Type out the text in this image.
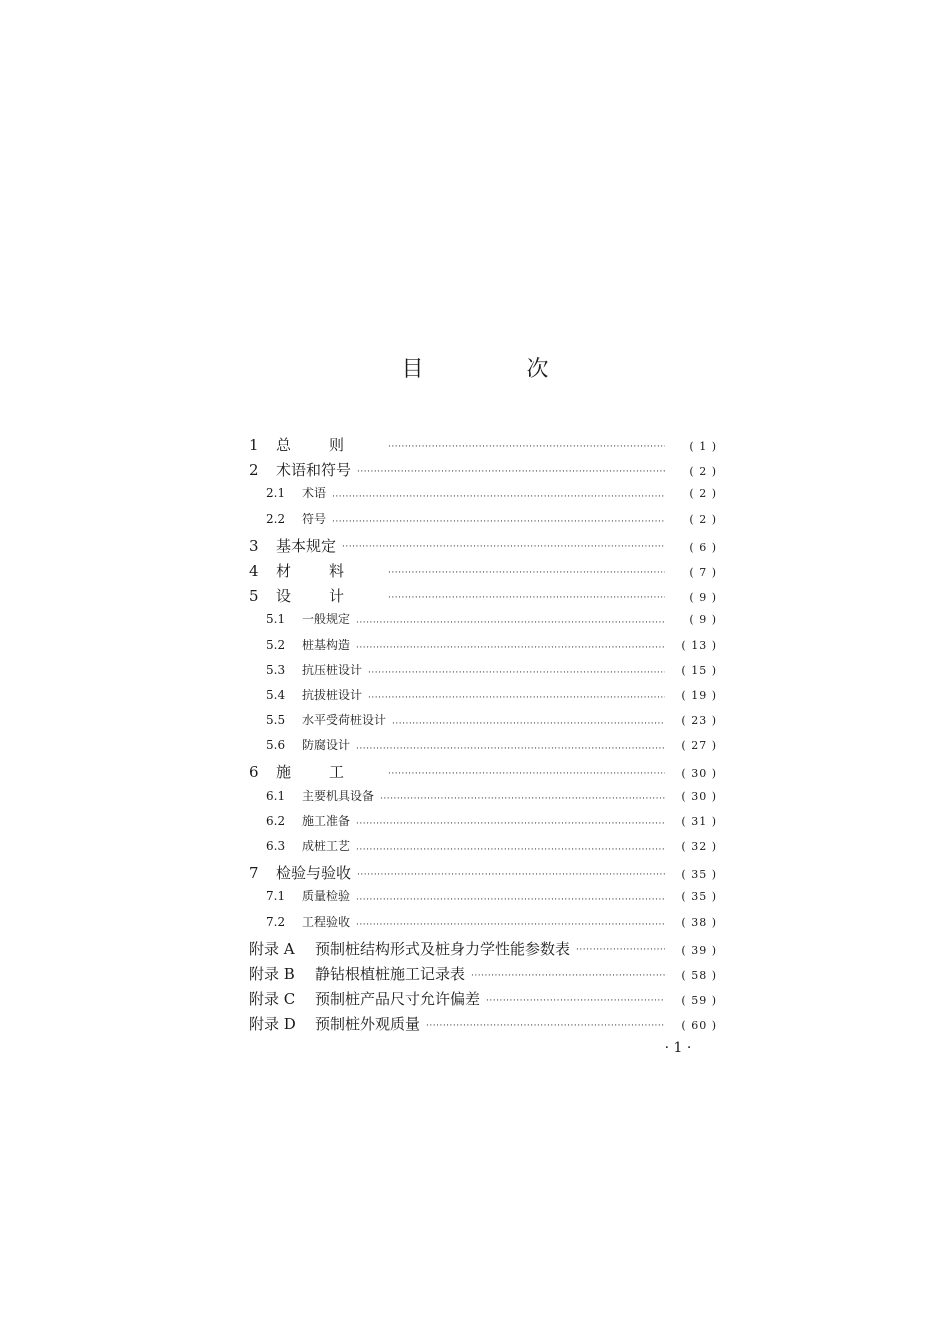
目 次
1	总则 ·····	( 1 )
2	术语和符号 ·····	( 2 )
2.1	术语 ·····	( 2 )
2.2	符号 ·····	( 2 )
3	基本规定 ·····	( 6 )
4	材料 ·····	( 7 )
5	设计 ·····	( 9 )
5.1	一般规定 ·····	( 9 )
5.2	桩基构造 ·····	( 13 )
5.3	抗压桩设计 ·····	( 15 )
5.4	抗拔桩设计 ·····	( 19 )
5.5	水平受荷桩设计 ·····	( 23 )
5.6	防腐设计 ·····	( 27 )
6	施工 ·····	( 30 )
6.1	主要机具设备 ·····	( 30 )
6.2	施工准备 ·····	( 31 )
6.3	成桩工艺 ·····	( 32 )
7	检验与验收 ·····	( 35 )
7.1	质量检验 ·····	( 35 )
7.2	工程验收 ·····	( 38 )
附录 A	预制桩结构形式及桩身力学性能参数表 ·····	( 39 )
附录 B	静钻根植桩施工记录表 ·····	( 58 )
附录 C	预制桩产品尺寸允许偏差 ·····	( 59 )
附录 D	预制桩外观质量 ·····	( 60 )
· 1 ·
